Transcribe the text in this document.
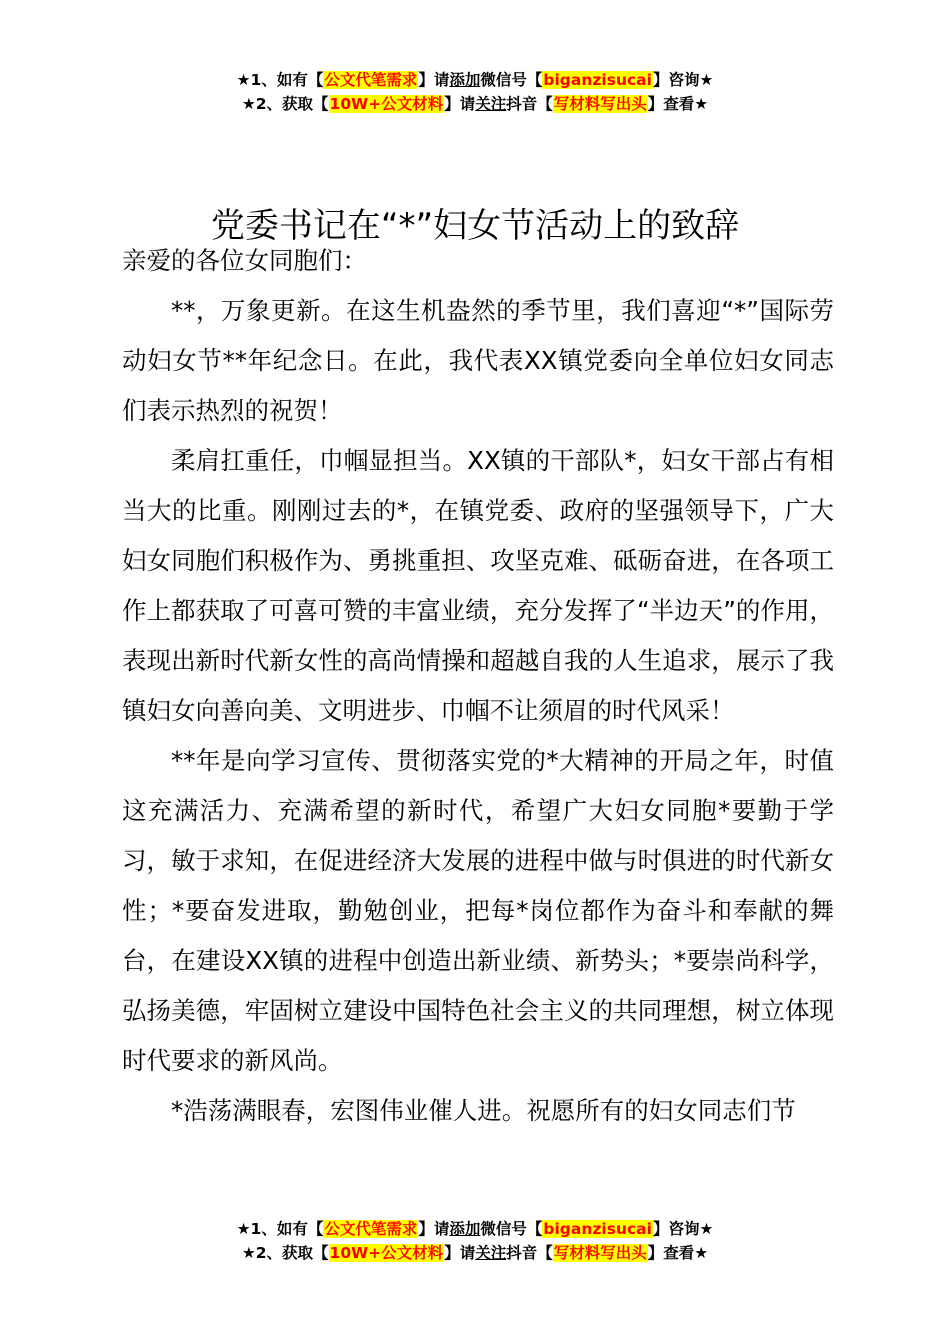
★1、如有【公文代笔需求】请添加微信号【biganzisucai】咨询★
★2、获取【10W+公文材料】请关注抖音【写材料写出头】查看★
党委书记在“*”妇女节活动上的致辞

亲爱的各位女同胞们：

**，万象更新。在这生机盎然的季节里，我们喜迎“*”国际劳动妇女节**年纪念日。在此，我代表XX镇党委向全单位妇女同志们表示热烈的祝贺！

柔肩扛重任，巾帼显担当。XX镇的干部队*，妇女干部占有相当大的比重。刚刚过去的*，在镇党委、政府的坚强领导下，广大妇女同胞们积极作为、勇挑重担、攻坚克难、砥砺奋进，在各项工作上都获取了可喜可赞的丰富业绩，充分发挥了“半边天”的作用，表现出新时代新女性的高尚情操和超越自我的人生追求，展示了我镇妇女向善向美、文明进步、巾帼不让须眉的时代风采！

**年是向学习宣传、贯彻落实党的*大精神的开局之年，时值这充满活力、充满希望的新时代，希望广大妇女同胞*要勤于学习，敏于求知，在促进经济大发展的进程中做与时俱进的时代新女性；*要奋发进取，勤勉创业，把每*岗位都作为奋斗和奉献的舞台，在建设XX镇的进程中创造出新业绩、新势头；*要崇尚科学，弘扬美德，牢固树立建设中国特色社会主义的共同理想，树立体现时代要求的新风尚。

*浩荡满眼春，宏图伟业催人进。祝愿所有的妇女同志们节

★1、如有【公文代笔需求】请添加微信号【biganzisucai】咨询★
★2、获取【10W+公文材料】请关注抖音【写材料写出头】查看★
